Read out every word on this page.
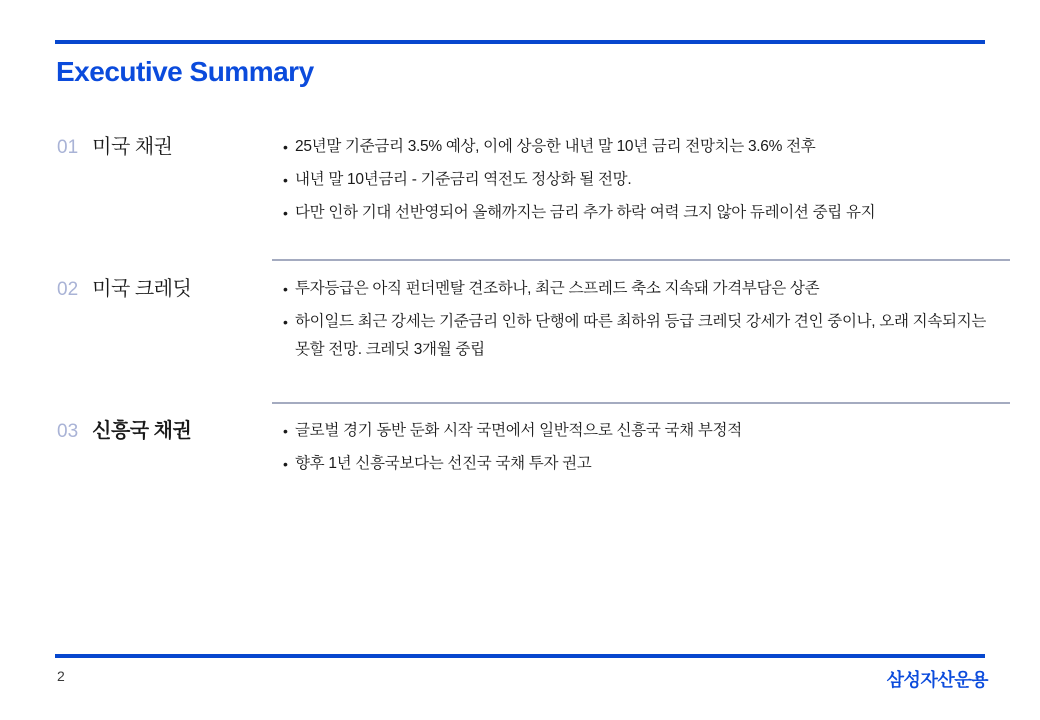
Executive Summary
01 미국 채권	• 25년말 기준금리 3.5% 예상, 이에 상응한 내년 말 10년 금리 전망치는 3.6% 전후
• 내년 말 10년금리 - 기준금리 역전도 정상화 될 전망.
• 다만 인하 기대 선반영되어 올해까지는 금리 추가 하락 여력 크지 않아 듀레이션 중립 유지
02 미국 크레딧	• 투자등급은 아직 펀더멘탈 견조하나, 최근 스프레드 축소 지속돼 가격부담은 상존
• 하이일드 최근 강세는 기준금리 인하 단행에 따른 최하위 등급 크레딧 강세가 견인 중이나, 오래 지속되지는 못할 전망. 크레딧 3개월 중립
03 신흥국 채권	• 글로벌 경기 동반 둔화 시작 국면에서 일반적으로 신흥국 국채 부정적
• 향후 1년 신흥국보다는 선진국 국채 투자 권고
2	삼성자산운용
